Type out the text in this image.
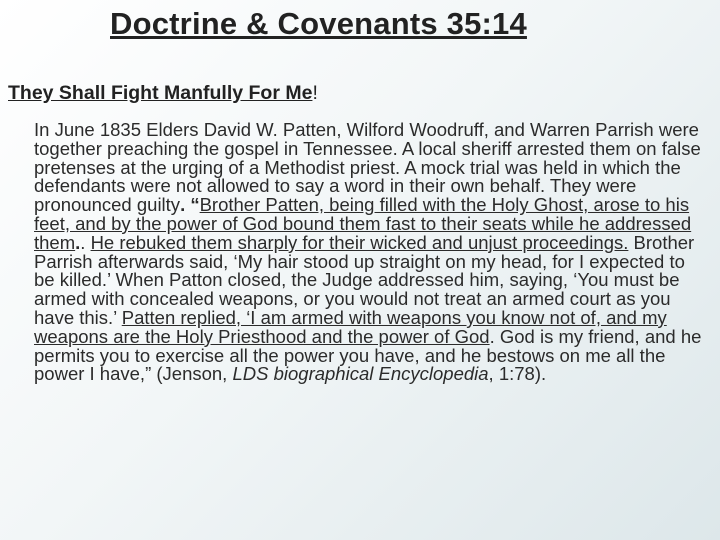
Doctrine & Covenants 35:14
They Shall Fight Manfully For Me!

In June 1835 Elders David W. Patten, Wilford Woodruff, and Warren Parrish were together preaching the gospel in Tennessee. A local sheriff arrested them on false pretenses at the urging of a Methodist priest. A mock trial was held in which the defendants were not allowed to say a word in their own behalf. They were pronounced guilty. “Brother Patten, being filled with the Holy Ghost, arose to his feet, and by the power of God bound them fast to their seats while he addressed them.. He rebuked them sharply for their wicked and unjust proceedings. Brother Parrish afterwards said, ‘My hair stood up straight on my head, for I expected to be killed.’ When Patton closed, the Judge addressed him, saying, ‘You must be armed with concealed weapons, or you would not treat an armed court as you have this.’ Patten replied, ‘I am armed with weapons you know not of, and my weapons are the Holy Priesthood and the power of God. God is my friend, and he permits you to exercise all the power you have, and he bestows on me all the power I have,” (Jenson, LDS biographical Encyclopedia, 1:78).
